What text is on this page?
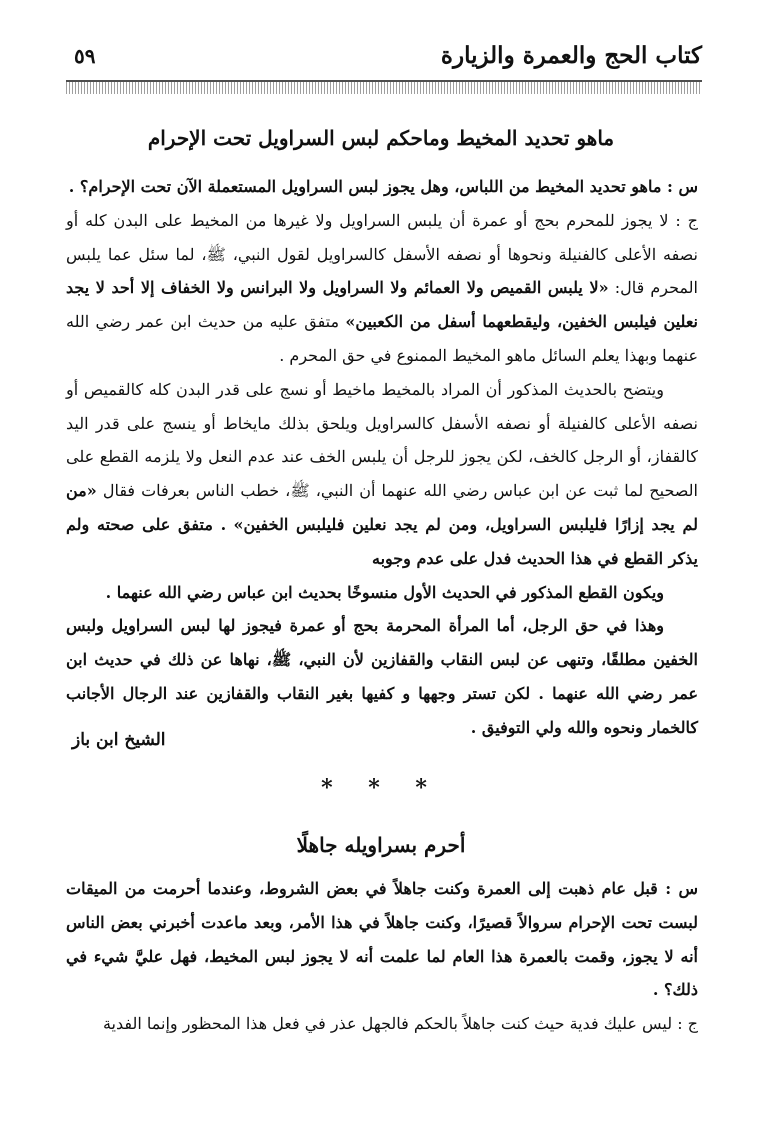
كتاب الحج والعمرة والزيارة
٥٩
ماهو تحديد المخيط وماحكم لبس السراويل تحت الإحرام

س : ماهو تحديد المخيط من اللباس، وهل يجوز لبس السراويل المستعملة الآن تحت الإحرام؟ .

ج : لا يجوز للمحرم بحج أو عمرة أن يلبس السراويل ولا غيرها من المخيط على البدن كله أو نصفه الأعلى كالفنيلة ونحوها أو نصفه الأسفل كالسراويل لقول النبي، ﷺ، لما سئل عما يلبس المحرم قال: «لا يلبس القميص ولا العمائم ولا السراويل ولا البرانس ولا الخفاف إلا أحد لا يجد نعلين فيلبس الخفين، وليقطعهما أسفل من الكعبين» متفق عليه من حديث ابن عمر رضي الله عنهما وبهذا يعلم السائل ماهو المخيط الممنوع في حق المحرم .

ويتضح بالحديث المذكور أن المراد بالمخيط ماخيط أو نسج على قدر البدن كله كالقميص أو نصفه الأعلى كالفنيلة أو نصفه الأسفل كالسراويل ويلحق بذلك مايخاط أو ينسج على قدر اليد كالقفاز، أو الرجل كالخف، لكن يجوز للرجل أن يلبس الخف عند عدم النعل ولا يلزمه القطع على الصحيح لما ثبت عن ابن عباس رضي الله عنهما أن النبي، ﷺ، خطب الناس بعرفات فقال «من لم يجد إزارًا فليلبس السراويل، ومن لم يجد نعلين فليلبس الخفين» . متفق على صحته ولم يذكر القطع في هذا الحديث فدل على عدم وجوبه

ويكون القطع المذكور في الحديث الأول منسوخًا بحديث ابن عباس رضي الله عنهما .

وهذا في حق الرجل، أما المرأة المحرمة بحج أو عمرة فيجوز لها لبس السراويل ولبس الخفين مطلقًا، وتنهى عن لبس النقاب والقفازين لأن النبي، ﷺ، نهاها عن ذلك في حديث ابن عمر رضي الله عنهما . لكن تستر وجهها و كفيها بغير النقاب والقفازين عند الرجال الأجانب كالخمار ونحوه والله ولي التوفيق .

الشيخ ابن باز
* * *
أحرم بسراويله جاهلًا

س : قبل عام ذهبت إلى العمرة وكنت جاهلاً في بعض الشروط، وعندما أحرمت من الميقات لبست تحت الإحرام سروالاً قصيرًا، وكنت جاهلاً في هذا الأمر، وبعد ماعدت أخبرني بعض الناس أنه لا يجوز، وقمت بالعمرة هذا العام لما علمت أنه لا يجوز لبس المخيط، فهل عليَّ شيء في ذلك؟ .

ج : ليس عليك فدية حيث كنت جاهلاً بالحكم فالجهل عذر في فعل هذا المحظور وإنما الفدية
